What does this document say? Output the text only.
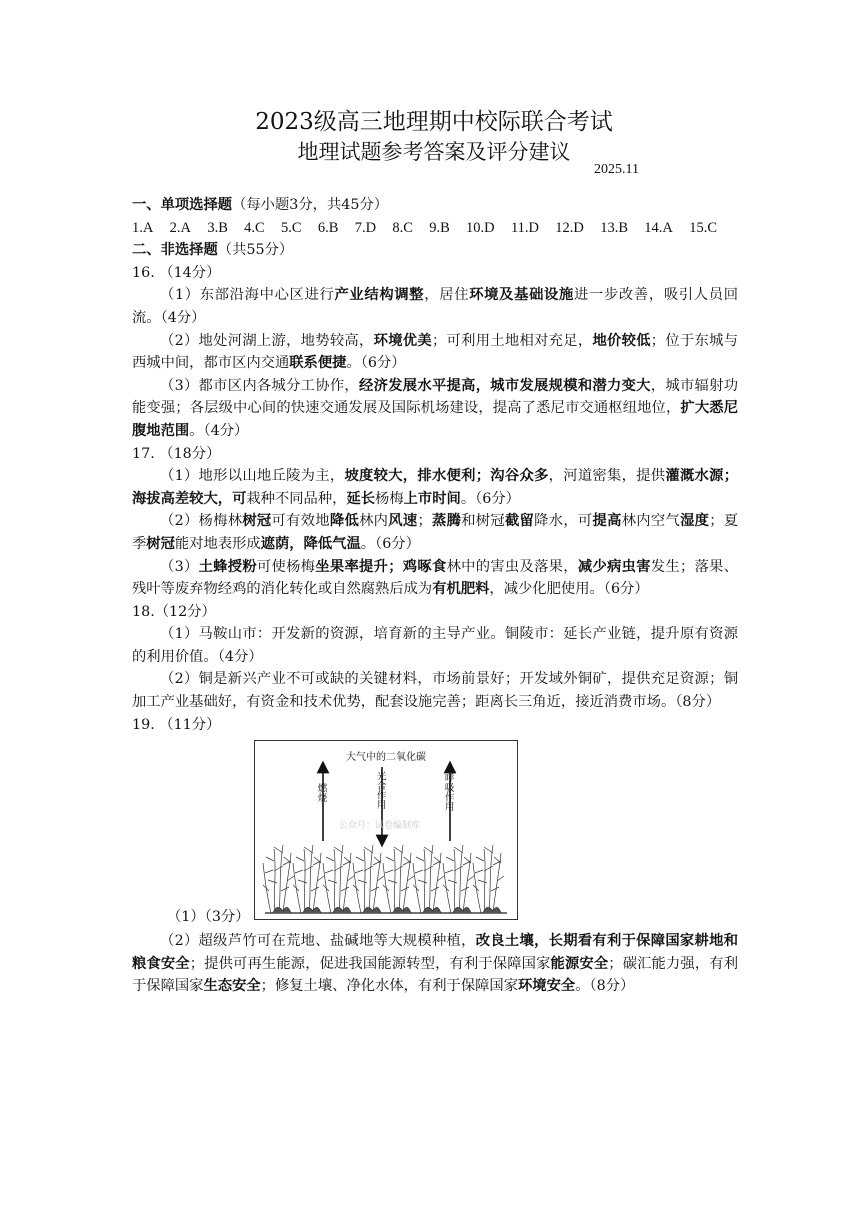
2023级高三地理期中校际联合考试
地理试题参考答案及评分建议
2025.11
一、单项选择题（每小题3分，共45分）
1.A 2.A 3.B 4.C 5.C 6.B 7.D 8.C 9.B 10.D 11.D 12.D 13.B 14.A 15.C
二、非选择题（共55分）
16. （14分）
（1）东部沿海中心区进行产业结构调整，居住环境及基础设施进一步改善，吸引人员回流。（4分）
（2）地处河湖上游，地势较高，环境优美；可利用土地相对充足，地价较低；位于东城与西城中间，都市区内交通联系便捷。（6分）
（3）都市区内各城分工协作，经济发展水平提高，城市发展规模和潜力变大，城市辐射功能变强；各层级中心间的快速交通发展及国际机场建设，提高了悉尼市交通枢纽地位，扩大悉尼腹地范围。（4分）
17. （18分）
（1）地形以山地丘陵为主，坡度较大，排水便利；沟谷众多，河道密集，提供灌溉水源；海拔高差较大，可栽种不同品种，延长杨梅上市时间。（6分）
（2）杨梅林树冠可有效地降低林内风速；蒸腾和树冠截留降水，可提高林内空气湿度；夏季树冠能对地表形成遮荫，降低气温。（6分）
（3）土蜂授粉可使杨梅坐果率提升；鸡啄食林中的害虫及落果，减少病虫害发生；落果、残叶等废弃物经鸡的消化转化或自然腐熟后成为有机肥料，减少化肥使用。（6分）
18.（12分）
（1）马鞍山市：开发新的资源，培育新的主导产业。铜陵市：延长产业链，提升原有资源的利用价值。（4分）
（2）铜是新兴产业不可或缺的关键材料，市场前景好；开发域外铜矿，提供充足资源；铜加工产业基础好，有资金和技术优势，配套设施完善；距离长三角近，接近消费市场。（8分）
19. （11分）
大气中的二氧化碳
燃烧	光合作用	呼吸作用
公众号：试卷编制库
（1）（3分）
（2）超级芦竹可在荒地、盐碱地等大规模种植，改良土壤，长期看有利于保障国家耕地和粮食安全；提供可再生能源，促进我国能源转型，有利于保障国家能源安全；碳汇能力强，有利于保障国家生态安全；修复土壤、净化水体，有利于保障国家环境安全。（8分）
